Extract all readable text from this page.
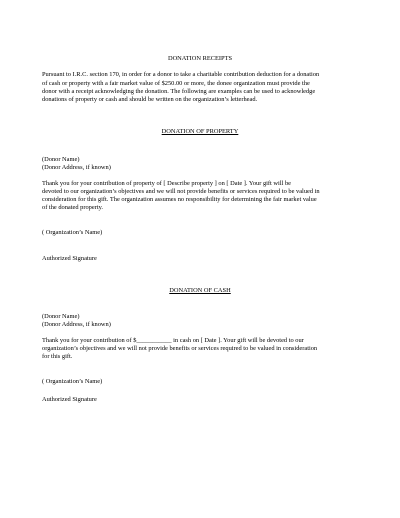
DONATION RECEIPTS
Pursuant to I.R.C. section 170, in order for a donor to take a charitable contribution deduction for a donation
of cash or property with a fair market value of $250.00 or more, the donee organization must provide the
donor with a receipt acknowledging the donation. The following are examples can be used to acknowledge
donations of property or cash and should be written on the organization’s letterhead.
DONATION OF PROPERTY
(Donor Name)
(Donor Address, if known)
Thank you for your contribution of property of [ Describe property ] on [ Date ]. Your gift will be
devoted to our organization’s objectives and we will not provide benefits or services required to be valued in
consideration for this gift. The organization assumes no responsibility for determining the fair market value
of the donated property.
( Organization’s Name)
Authorized Signature
DONATION OF CASH
(Donor Name)
(Donor Address, if known)
Thank you for your contribution of $___________ in cash on [ Date ]. Your gift will be devoted to our
organization’s objectives and we will not provide benefits or services required to be valued in consideration
for this gift.
( Organization’s Name)
Authorized Signature
